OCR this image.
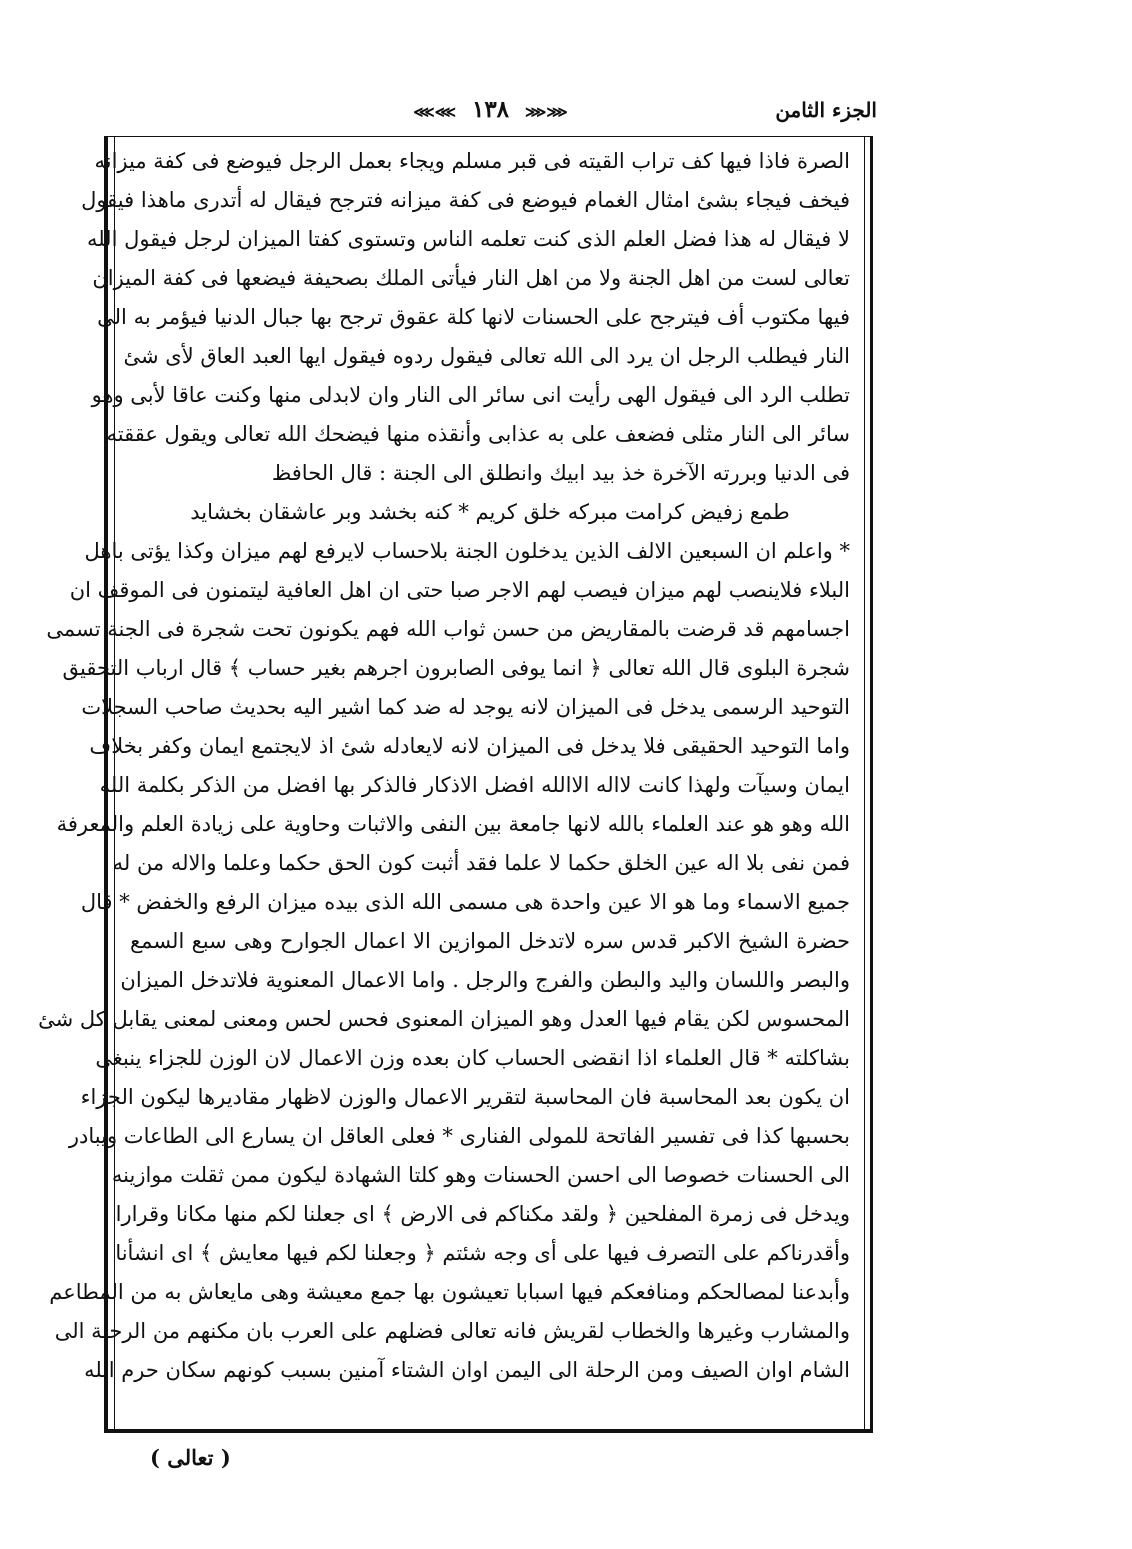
الجزء الثامن
⋘⋘ ١٣٨ ⋙⋙
الصرة فاذا فيها كف تراب القيته فى قبر مسلم ويجاء بعمل الرجل فيوضع فى كفة ميزانه
فيخف فيجاء بشئ امثال الغمام فيوضع فى كفة ميزانه فترجح فيقال له أتدرى ماهذا فيقول
لا فيقال له هذا فضل العلم الذى كنت تعلمه الناس وتستوى كفتا الميزان لرجل فيقول الله
تعالى لست من اهل الجنة ولا من اهل النار فيأتى الملك بصحيفة فيضعها فى كفة الميزان
فيها مكتوب أف فيترجح على الحسنات لانها كلة عقوق ترجح بها جبال الدنيا فيؤمر به الى
النار فيطلب الرجل ان يرد الى الله تعالى فيقول ردوه فيقول ايها العبد العاق لأى شئ
تطلب الرد الى فيقول الهى رأيت انى سائر الى النار وان لابدلى منها وكنت عاقا لأبى وهو
سائر الى النار مثلى فضعف على به عذابى وأنقذه منها فيضحك الله تعالى ويقول عققته
فى الدنيا وبررته الآخرة خذ بيد ابيك وانطلق الى الجنة : قال الحافظ
طمع زفيض كرامت مبركه خلق كريم * كنه بخشد وبر عاشقان بخشايد
* واعلم ان السبعين الالف الذين يدخلون الجنة بلاحساب لايرفع لهم ميزان وكذا يؤتى باهل
البلاء فلاينصب لهم ميزان فيصب لهم الاجر صبا حتى ان اهل العافية ليتمنون فى الموقف ان
اجسامهم قد قرضت بالمقاريض من حسن ثواب الله فهم يكونون تحت شجرة فى الجنة تسمى
شجرة البلوى قال الله تعالى ﴿ انما يوفى الصابرون اجرهم بغير حساب ﴾ قال ارباب التحقيق
التوحيد الرسمى يدخل فى الميزان لانه يوجد له ضد كما اشير اليه بحديث صاحب السجلات
واما التوحيد الحقيقى فلا يدخل فى الميزان لانه لايعادله شئ اذ لايجتمع ايمان وكفر بخلاف
ايمان وسيآت ولهذا كانت لااله الاالله افضل الاذكار فالذكر بها افضل من الذكر بكلمة الله
الله وهو هو عند العلماء بالله لانها جامعة بين النفى والاثبات وحاوية على زيادة العلم والمعرفة
فمن نفى بلا اله عين الخلق حكما لا علما فقد أثبت كون الحق حكما وعلما والاله من له
جميع الاسماء وما هو الا عين واحدة هى مسمى الله الذى بيده ميزان الرفع والخفض * قال
حضرة الشيخ الاكبر قدس سره لاتدخل الموازين الا اعمال الجوارح وهى سبع السمع
والبصر واللسان واليد والبطن والفرج والرجل . واما الاعمال المعنوية فلاتدخل الميزان
المحسوس لكن يقام فيها العدل وهو الميزان المعنوى فحس لحس ومعنى لمعنى يقابل كل شئ
بشاكلته * قال العلماء اذا انقضى الحساب كان بعده وزن الاعمال لان الوزن للجزاء ينبغى
ان يكون بعد المحاسبة فان المحاسبة لتقرير الاعمال والوزن لاظهار مقاديرها ليكون الجزاء
بحسبها كذا فى تفسير الفاتحة للمولى الفنارى * فعلى العاقل ان يسارع الى الطاعات ويبادر
الى الحسنات خصوصا الى احسن الحسنات وهو كلتا الشهادة ليكون ممن ثقلت موازينه
ويدخل فى زمرة المفلحين ﴿ ولقد مكناكم فى الارض ﴾ اى جعلنا لكم منها مكانا وقرارا
وأقدرناكم على التصرف فيها على أى وجه شئتم ﴿ وجعلنا لكم فيها معايش ﴾ اى انشأنا
وأبدعنا لمصالحكم ومنافعكم فيها اسبابا تعيشون بها جمع معيشة وهى مايعاش به من المطاعم
والمشارب وغيرها والخطاب لقريش فانه تعالى فضلهم على العرب بان مكنهم من الرحلة الى
الشام اوان الصيف ومن الرحلة الى اليمن اوان الشتاء آمنين بسبب كونهم سكان حرم الله
( تعالى )
